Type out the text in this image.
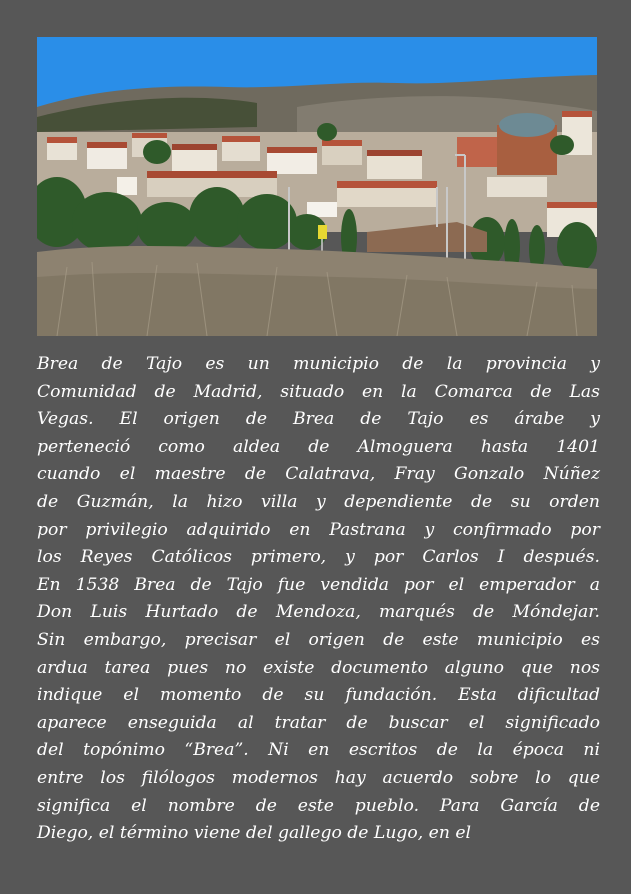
Brea de Tajo es un municipio de la provincia y
Comunidad de Madrid, situado en la Comarca de Las
Vegas. El origen de Brea de Tajo es árabe y
perteneció como aldea de Almoguera hasta 1401
cuando el maestre de Calatrava, Fray Gonzalo Núñez
de Guzmán, la hizo villa y dependiente de su orden
por privilegio adquirido en Pastrana y confirmado por
los Reyes Católicos primero, y por Carlos I después.
En 1538 Brea de Tajo fue vendida por el emperador a
Don Luis Hurtado de Mendoza, marqués de Móndejar.
Sin embargo, precisar el origen de este municipio es
ardua tarea pues no existe documento alguno que nos
indique el momento de su fundación. Esta dificultad
aparece enseguida al tratar de buscar el significado
del topónimo “Brea”. Ni en escritos de la época ni
entre los filólogos modernos hay acuerdo sobre lo que
significa el nombre de este pueblo. Para García de
Diego, el término viene del gallego de Lugo, en el
